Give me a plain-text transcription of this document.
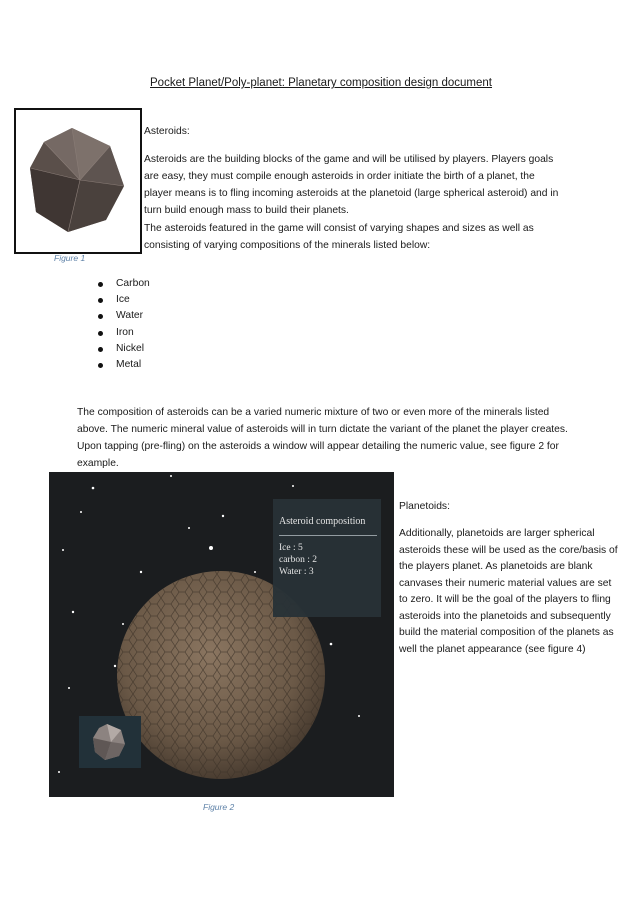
Pocket Planet/Poly-planet: Planetary composition design document
Figure 1
Asteroids:
Asteroids are the building blocks of the game and will be utilised by players. Players goals are easy, they must compile enough asteroids in order initiate the birth of a planet, the player means is to fling incoming asteroids at the planetoid (large spherical asteroid) and in turn build enough mass to build their planets.
The asteroids featured in the game will consist of varying shapes and sizes as well as consisting of varying compositions of the minerals listed below:
Carbon
Ice
Water
Iron
Nickel
Metal
The composition of asteroids can be a varied numeric mixture of two or even more of the minerals listed above. The numeric mineral value of asteroids will in turn dictate the variant of the planet the player creates. Upon tapping (pre-fling) on the asteroids a window will appear detailing the numeric value, see figure 2 for example.
Asteroid composition
Ice : 5
carbon : 2
Water : 3
Figure 2
Planetoids:
Additionally, planetoids are larger spherical asteroids these will be used as the core/basis of the players planet. As planetoids are blank canvases their numeric material values are set to zero. It will be the goal of the players to fling asteroids into the planetoids and subsequently build the material composition of the planets as well the planet appearance (see figure 4)
